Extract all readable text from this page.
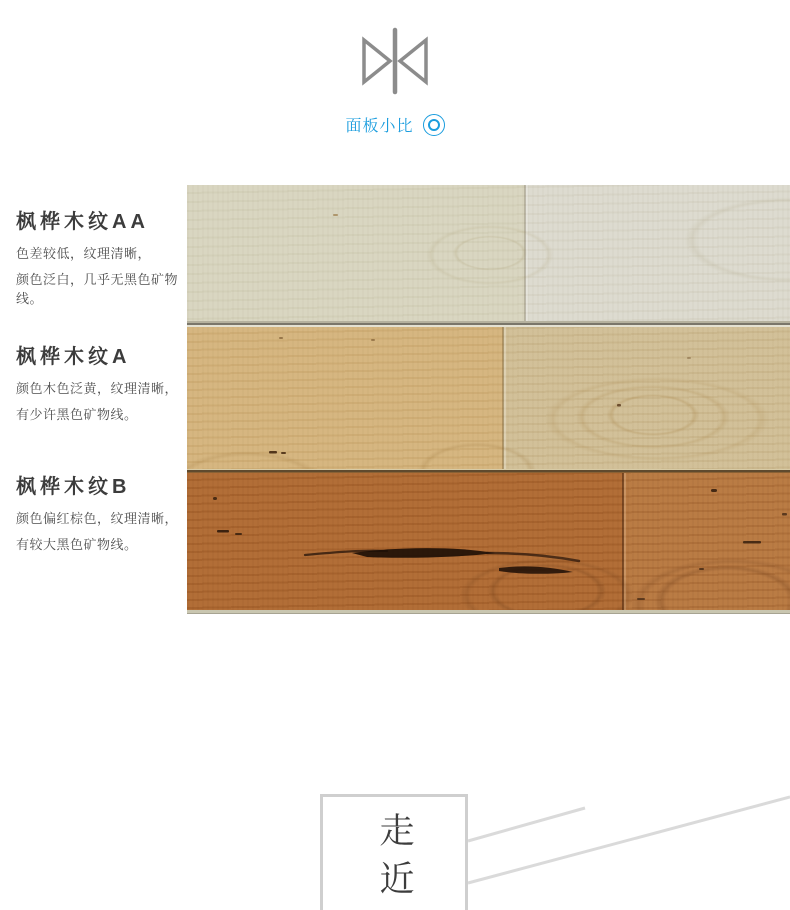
面板小比
枫桦木纹AA

色差较低，纹理清晰，

颜色泛白，几乎无黑色矿物线。

枫桦木纹A

颜色木色泛黄，纹理清晰，

有少许黑色矿物线。

枫桦木纹B

颜色偏红棕色，纹理清晰，

有较大黑色矿物线。

走近
